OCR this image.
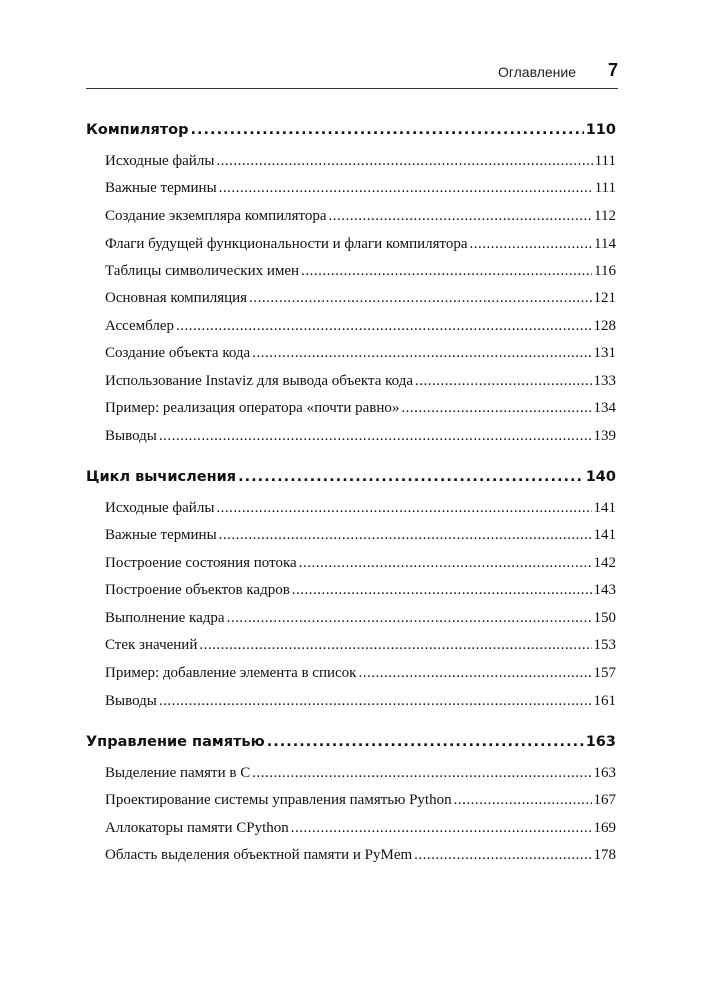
Оглавление 7
Компилятор .....	110
Исходные файлы .....	111
Важные термины .....	111
Создание экземпляра компилятора .....	112
Флаги будущей функциональности и флаги компилятора .....	114
Таблицы символических имен .....	116
Основная компиляция .....	121
Ассемблер .....	128
Создание объекта кода .....	131
Использование Instaviz для вывода объекта кода .....	133
Пример: реализация оператора «почти равно» .....	134
Выводы .....	139
Цикл вычисления .....	140
Исходные файлы .....	141
Важные термины .....	141
Построение состояния потока .....	142
Построение объектов кадров .....	143
Выполнение кадра .....	150
Стек значений .....	153
Пример: добавление элемента в список .....	157
Выводы .....	161
Управление памятью .....	163
Выделение памяти в C .....	163
Проектирование системы управления памятью Python .....	167
Аллокаторы памяти CPython .....	169
Область выделения объектной памяти и PyMem .....	178
